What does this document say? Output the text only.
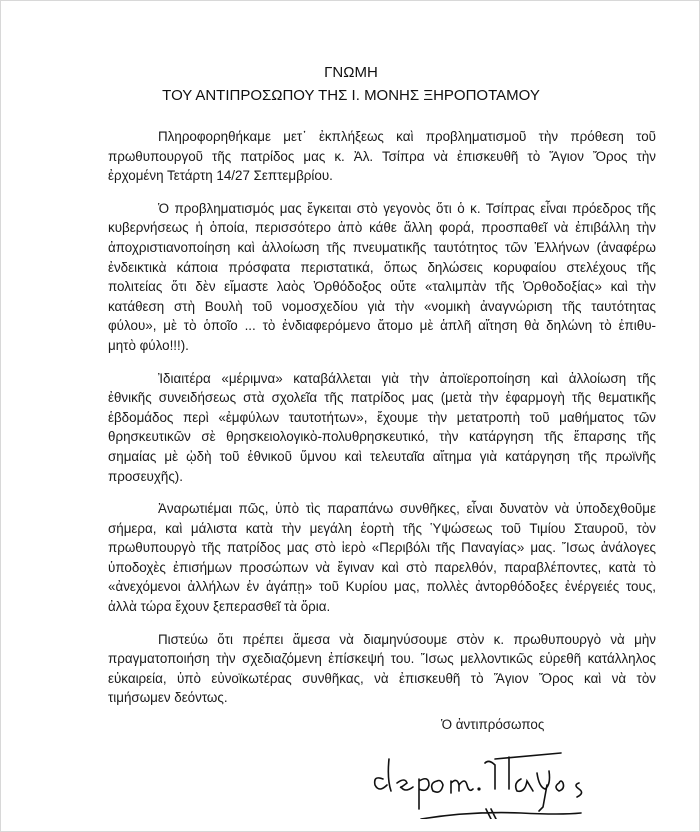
ΓΝΩΜΗ
ΤΟΥ ΑΝΤΙΠΡΟΣΩΠΟΥ ΤΗΣ Ι. ΜΟΝΗΣ ΞΗΡΟΠΟΤΑΜΟΥ
Πληροφορηθήκαμε μετ᾽ ἐκπλήξεως καὶ προβληματισμοῦ τὴν πρόθεση τοῦ
πρωθυπουργοῦ τῆς πατρίδος μας κ. Ἀλ. Τσίπρα νὰ ἐπισκευθῆ τὸ Ἅγιον Ὄρος τὴν
ἐρχομένη Τετάρτη 14/27 Σεπτεμβρίου.
Ὁ προβληματισμός μας ἔγκειται στὸ γεγονὸς ὅτι ὁ κ. Τσίπρας εἶναι πρόεδρος τῆς
κυβερνήσεως ἡ ὁποία, περισσότερο ἀπὸ κάθε ἄλλη φορά, προσπαθεῖ νὰ ἐπιβάλλη τὴν
ἀποχριστιανοποίηση καὶ ἀλλοίωση τῆς πνευματικῆς ταυτότητος τῶν Ἑλλήνων (ἀναφέρω
ἐνδεικτικὰ κάποια πρόσφατα περιστατικά, ὅπως δηλώσεις κορυφαίου στελέχους τῆς
πολιτείας ὅτι δὲν εἴμαστε λαὸς Ὀρθόδοξος οὔτε «ταλιμπὰν τῆς Ὀρθοδοξίας» καὶ τὴν
κατάθεση στὴ Βουλὴ τοῦ νομοσχεδίου γιὰ τὴν «νομικὴ ἀναγνώριση τῆς ταυτότητας
φύλου», μὲ τὸ ὁποῖο ... τὸ ἐνδιαφερόμενο ἄτομο μὲ ἁπλῆ αἴτηση θὰ δηλώνη τὸ ἐπιθυ-
μητὸ φύλο!!!).
Ἰδιαιτέρα «μέριμνα» καταβάλλεται γιὰ τὴν ἀποϊεροποίηση καὶ ἀλλοίωση τῆς
ἐθνικῆς συνειδήσεως στὰ σχολεῖα τῆς πατρίδος μας (μετὰ τὴν ἐφαρμογὴ τῆς θεματικῆς
ἑβδομάδος περὶ «ἐμφύλων ταυτοτήτων», ἔχουμε τὴν μετατροπὴ τοῦ μαθήματος τῶν
θρησκευτικῶν σὲ θρησκειολογικὸ-πολυθρησκευτικό, τὴν κατάργηση τῆς ἔπαρσης τῆς
σημαίας μὲ ᾠδὴ τοῦ ἐθνικοῦ ὕμνου καὶ τελευταῖα αἴτημα γιὰ κατάργηση τῆς πρωϊνῆς
προσευχῆς).
Ἀναρωτιέμαι πῶς, ὑπὸ τὶς παραπάνω συνθῆκες, εἶναι δυνατὸν νὰ ὑποδεχθοῦμε
σήμερα, καὶ μάλιστα κατὰ τὴν μεγάλη ἑορτὴ τῆς Ὑψώσεως τοῦ Τιμίου Σταυροῦ, τὸν
πρωθυπουργὸ τῆς πατρίδος μας στὸ ἱερὸ «Περιβόλι τῆς Παναγίας» μας. Ἴσως ἀνάλογες
ὑποδοχὲς ἐπισήμων προσώπων νὰ ἔγιναν καὶ στὸ παρελθόν, παραβλέποντες, κατὰ τὸ
«ἀνεχόμενοι ἀλλήλων ἐν ἀγάπῃ» τοῦ Κυρίου μας, πολλὲς ἀντορθόδοξες ἐνέργειές τους,
ἀλλὰ τώρα ἔχουν ξεπερασθεῖ τὰ ὅρια.
Πιστεύω ὅτι πρέπει ἄμεσα νὰ διαμηνύσουμε στὸν κ. πρωθυπουργὸ νὰ μὴν
πραγματοποιήση τὴν σχεδιαζόμενη ἐπίσκεψή του. Ἴσως μελλοντικῶς εὑρεθῆ κατάλληλος
εὐκαιρεία, ὑπὸ εὐνοϊκωτέρας συνθῆκας, νὰ ἐπισκευθῆ τὸ Ἅγιον Ὄρος καὶ νὰ τὸν
τιμήσωμεν δεόντως.
Ὁ ἀντιπρόσωπος
